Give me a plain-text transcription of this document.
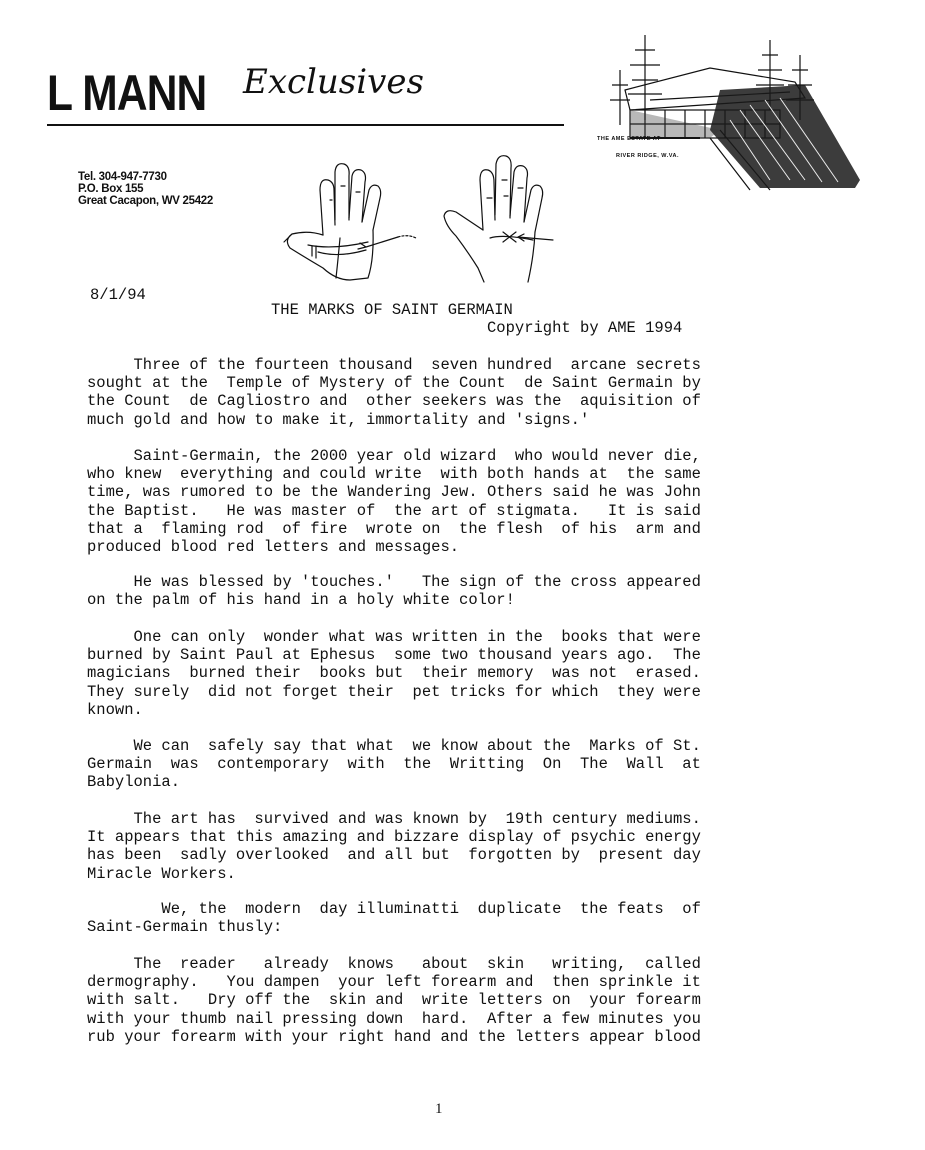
L MANN Exclusives
Tel. 304-947-7730
P.O. Box 155
Great Cacapon, WV 25422
THE AME ESTATE AT
RIVER RIDGE, W.VA.
8/1/94
THE MARKS OF SAINT GERMAIN
Copyright by AME 1994
Three of the fourteen thousand  seven hundred  arcane secrets
sought at the  Temple of Mystery of the Count  de Saint Germain by
the Count  de Cagliostro and  other seekers was the  aquisition of
much gold and how to make it, immortality and 'signs.'
Saint-Germain, the 2000 year old wizard  who would never die,
who knew  everything and could write  with both hands at  the same
time, was rumored to be the Wandering Jew. Others said he was John
the Baptist.   He was master of  the art of stigmata.   It is said
that a  flaming rod  of fire  wrote on  the flesh  of his  arm and
produced blood red letters and messages.
He was blessed by 'touches.'   The sign of the cross appeared
on the palm of his hand in a holy white color!
One can only  wonder what was written in the  books that were
burned by Saint Paul at Ephesus  some two thousand years ago.  The
magicians  burned their  books but  their memory  was not  erased.
They surely  did not forget their  pet tricks for which  they were
known.
We can  safely say that what  we know about the  Marks of St.
Germain  was  contemporary  with  the  Writting  On  The  Wall  at
Babylonia.
The art has  survived and was known by  19th century mediums.
It appears that this amazing and bizzare display of psychic energy
has been  sadly overlooked  and all but  forgotten by  present day
Miracle Workers.
We, the  modern  day illuminatti  duplicate  the feats  of
Saint-Germain thusly:
The  reader   already  knows   about  skin   writing,  called
dermography.   You dampen  your left forearm and  then sprinkle it
with salt.   Dry off the  skin and  write letters on  your forearm
with your thumb nail pressing down  hard.  After a few minutes you
rub your forearm with your right hand and the letters appear blood
1
